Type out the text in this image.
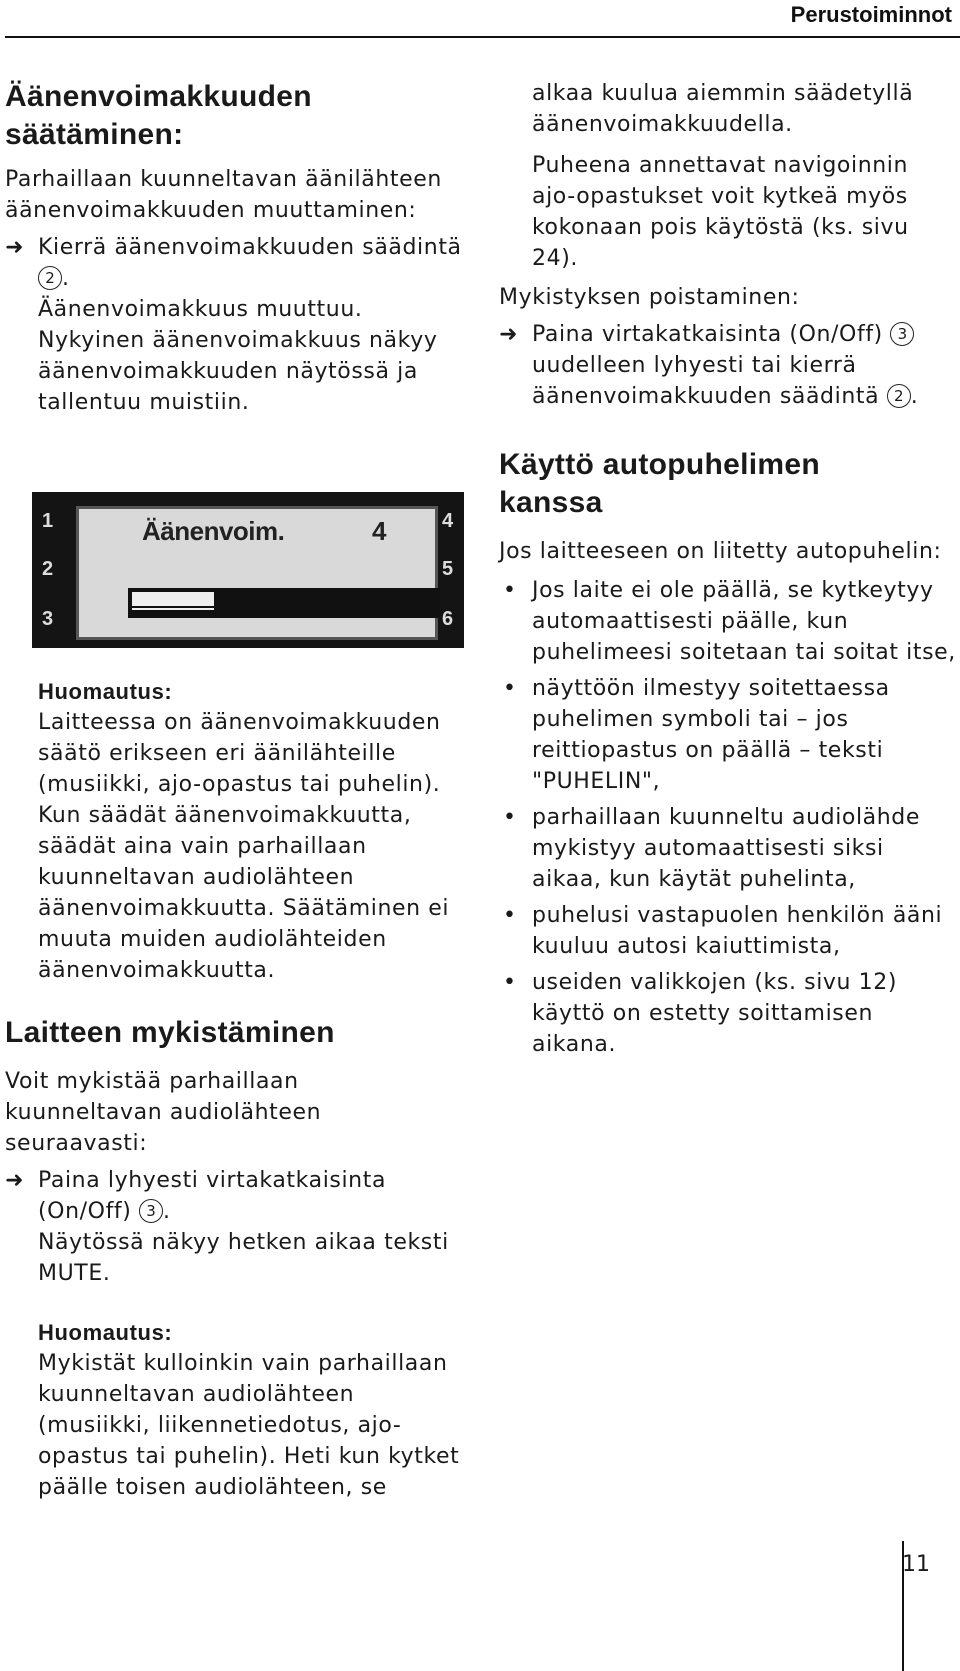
Perustoiminnot
Äänenvoimakkuuden
säätäminen:

Parhaillaan kuunneltavan äänilähteen äänenvoimakkuuden muuttaminen:

➜ Kierrä äänenvoimakkuuden säädintä 2 .

Äänenvoimakkuus muuttuu. Nykyinen äänenvoimakkuus näkyy äänenvoimakkuuden näytössä ja tallentuu muistiin.

1
2
3
4
5
6
Äänenvoim.	4
Huomautus:

Laitteessa on äänenvoimakkuuden säätö erikseen eri äänilähteille (musiikki, ajo-opastus tai puhelin). Kun säädät äänenvoimakkuutta, säädät aina vain parhaillaan kuunneltavan audiolähteen äänenvoimakkuutta. Säätäminen ei muuta muiden audiolähteiden äänenvoimakkuutta.

Laitteen mykistäminen

Voit mykistää parhaillaan kuunneltavan audiolähteen seuraavasti:

➜ Paina lyhyesti virtakatkaisinta (On/Off) 3 .

Näytössä näkyy hetken aikaa teksti MUTE.

Huomautus:

Mykistät kulloinkin vain parhaillaan kuunneltavan audiolähteen (musiikki, liikennetiedotus, ajo-opastus tai puhelin). Heti kun kytket päälle toisen audiolähteen, se

alkaa kuulua aiemmin säädetyllä äänenvoimakkuudella.

Puheena annettavat navigoinnin ajo-opastukset voit kytkeä myös kokonaan pois käytöstä (ks. sivu 24).

Mykistyksen poistaminen:

➜ Paina virtakatkaisinta (On/Off) 3 uudelleen lyhyesti tai kierrä äänenvoimakkuuden säädintä 2 .
Käyttö autopuhelimen
kanssa

Jos laitteeseen on liitetty autopuhelin:

• Jos laite ei ole päällä, se kytkeytyy automaattisesti päälle, kun puhelimeesi soitetaan tai soitat itse,
• näyttöön ilmestyy soitettaessa puhelimen symboli tai – jos reittiopastus on päällä – teksti "PUHELIN",
• parhaillaan kuunneltu audiolähde mykistyy automaattisesti siksi aikaa, kun käytät puhelinta,
• puhelusi vastapuolen henkilön ääni kuuluu autosi kaiuttimista,
• useiden valikkojen (ks. sivu 12) käyttö on estetty soittamisen aikana.
11
